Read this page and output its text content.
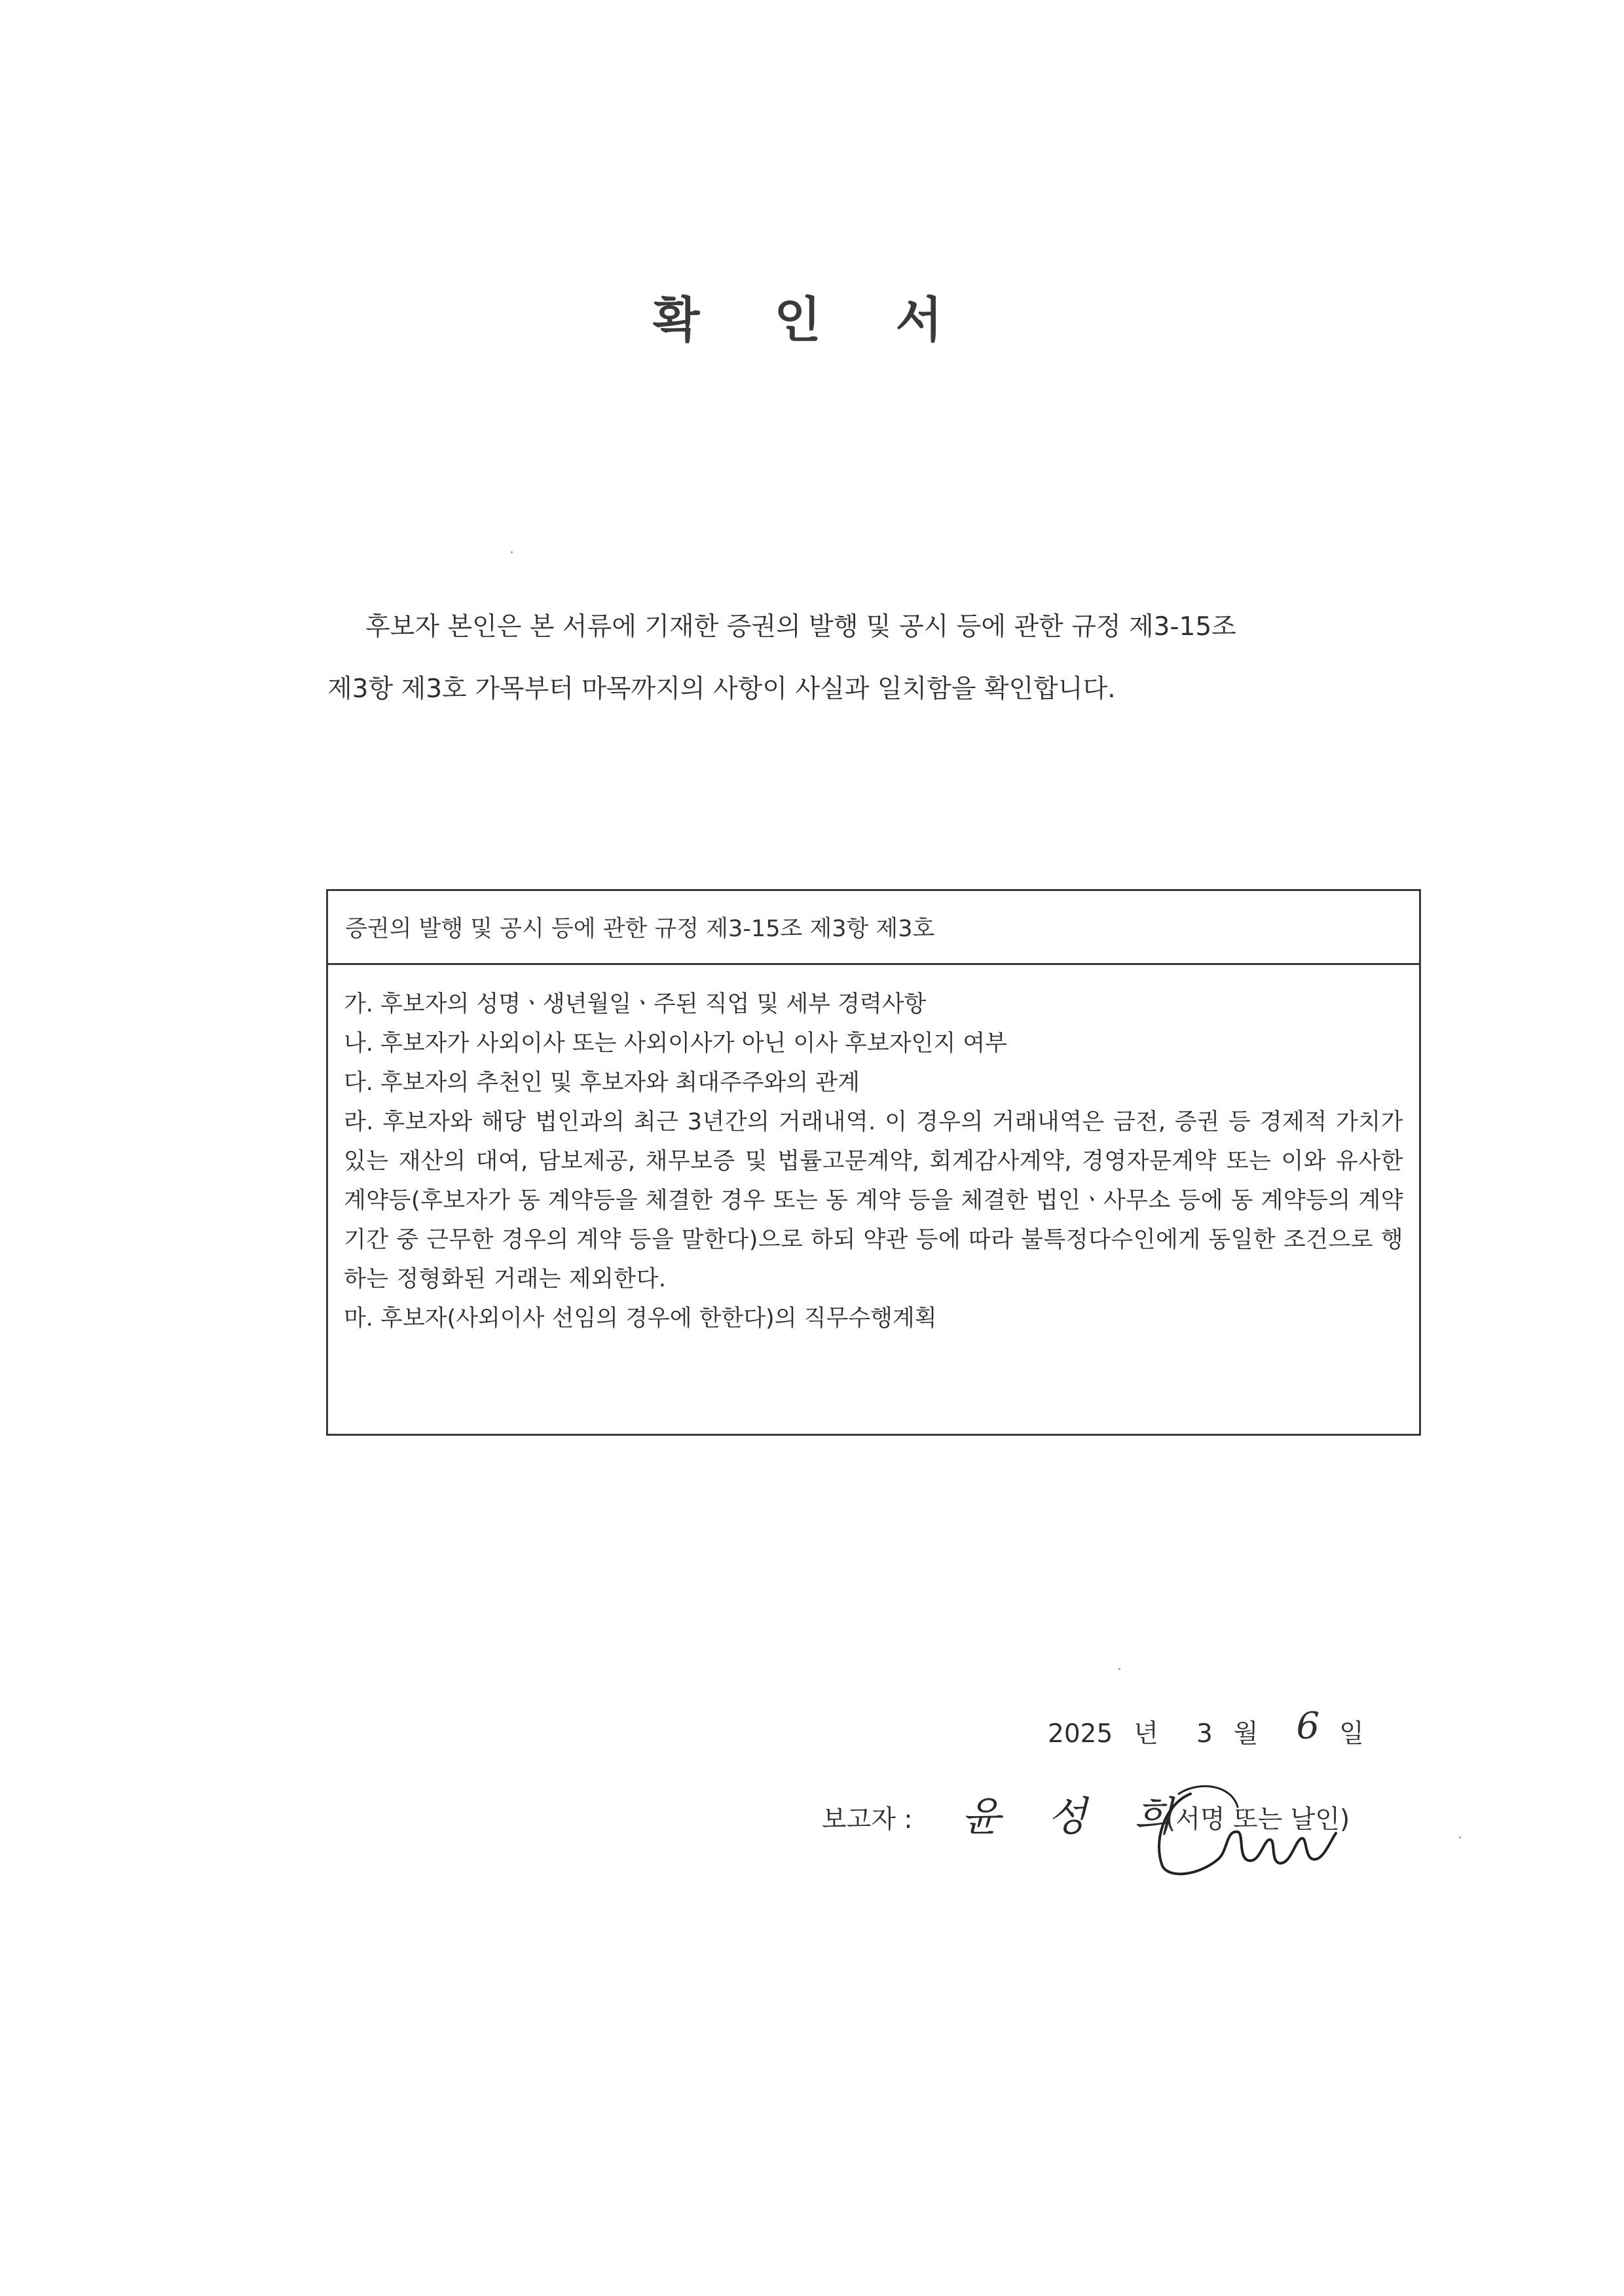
확 인 서
후보자 본인은 본 서류에 기재한 증권의 발행 및 공시 등에 관한 규정 제3-15조
제3항 제3호 가목부터 마목까지의 사항이 사실과 일치함을 확인합니다.
증권의 발행 및 공시 등에 관한 규정 제3-15조 제3항 제3호

가. 후보자의 성명ㆍ생년월일ㆍ주된 직업 및 세부 경력사항

나. 후보자가 사외이사 또는 사외이사가 아닌 이사 후보자인지 여부

다. 후보자의 추천인 및 후보자와 최대주주와의 관계

라. 후보자와 해당 법인과의 최근 3년간의 거래내역. 이 경우의 거래내역은 금전, 증권 등 경제적 가치가 있는 재산의 대여, 담보제공, 채무보증 및 법률고문계약, 회계감사계약, 경영자문계약 또는 이와 유사한 계약등(후보자가 동 계약등을 체결한 경우 또는 동 계약 등을 체결한 법인ㆍ사무소 등에 동 계약등의 계약기간 중 근무한 경우의 계약 등을 말한다)으로 하되 약관 등에 따라 불특정다수인에게 동일한 조건으로 행하는 정형화된 거래는 제외한다.

마. 후보자(사외이사 선임의 경우에 한한다)의 직무수행계획

2025 년 3 월 6 일
보고자 : 윤 성 희
(서명 또는 날인)
